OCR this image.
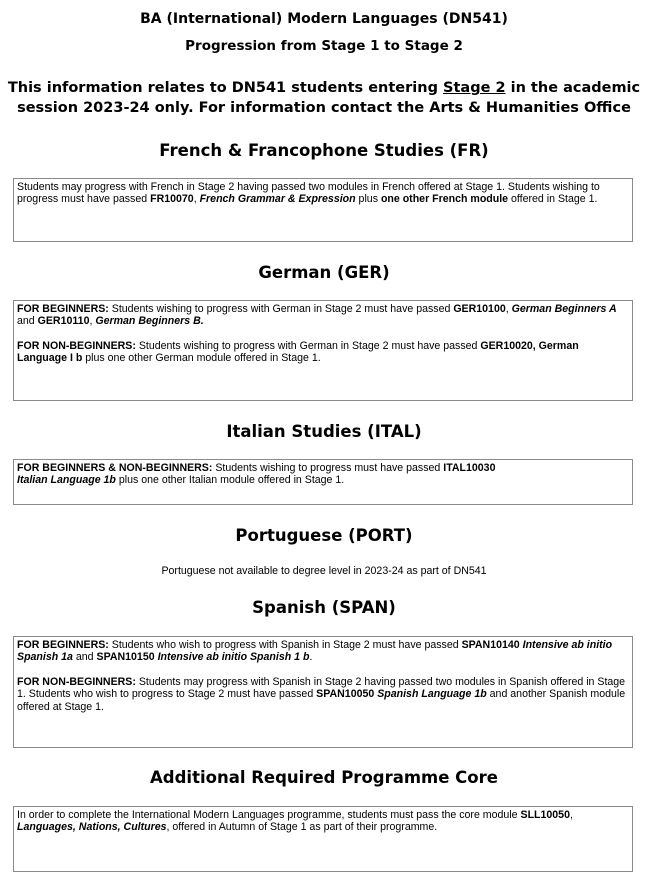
BA (International) Modern Languages (DN541)
Progression from Stage 1 to Stage 2
This information relates to DN541 students entering Stage 2 in the academic
session 2023-24 only. For information contact the Arts & Humanities Office
French & Francophone Studies (FR)

Students may progress with French in Stage 2 having passed two modules in French offered at Stage 1. Students wishing to progress must have passed FR10070, French Grammar & Expression plus one other French module offered in Stage 1.

German (GER)

FOR BEGINNERS: Students wishing to progress with German in Stage 2 must have passed GER10100, German Beginners A and GER10110, German Beginners B.

FOR NON-BEGINNERS: Students wishing to progress with German in Stage 2 must have passed GER10020, German Language I b plus one other German module offered in Stage 1.

Italian Studies (ITAL)

FOR BEGINNERS & NON-BEGINNERS: Students wishing to progress must have passed ITAL10030
Italian Language 1b plus one other Italian module offered in Stage 1.

Portuguese (PORT)
Portuguese not available to degree level in 2023-24 as part of DN541
Spanish (SPAN)

FOR BEGINNERS: Students who wish to progress with Spanish in Stage 2 must have passed SPAN10140 Intensive ab initio Spanish 1a and SPAN10150 Intensive ab initio Spanish 1 b.

FOR NON-BEGINNERS: Students may progress with Spanish in Stage 2 having passed two modules in Spanish offered in Stage 1. Students who wish to progress to Stage 2 must have passed SPAN10050 Spanish Language 1b and another Spanish module offered at Stage 1.

Additional Required Programme Core

In order to complete the International Modern Languages programme, students must pass the core module SLL10050, Languages, Nations, Cultures, offered in Autumn of Stage 1 as part of their programme.
